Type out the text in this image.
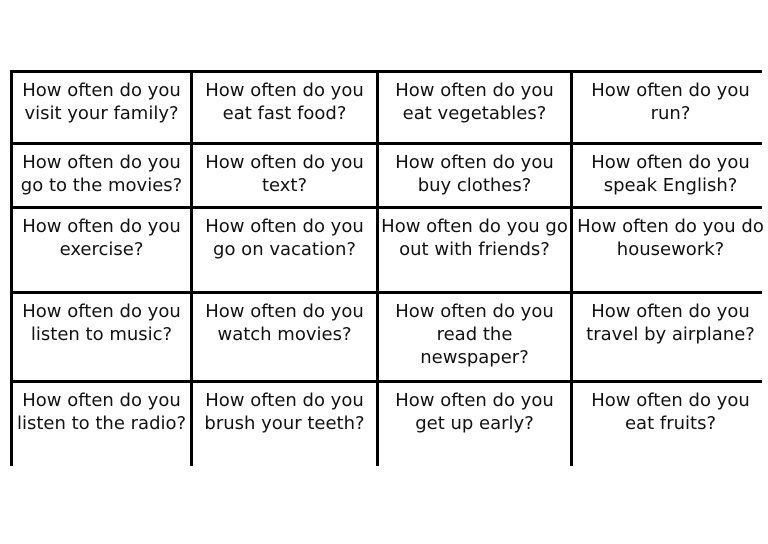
How often do you visit your family?
How often do you eat fast food?
How often do you eat vegetables?
How often do you run?
How often do you go to the movies?
How often do you text?
How often do you buy clothes?
How often do you speak English?
How often do you exercise?
How often do you go on vacation?
How often do you go out with friends?
How often do you do housework?
How often do you listen to music?
How often do you watch movies?
How often do you read the newspaper?
How often do you travel by airplane?
How often do you listen to the radio?
How often do you brush your teeth?
How often do you get up early?
How often do you eat fruits?
